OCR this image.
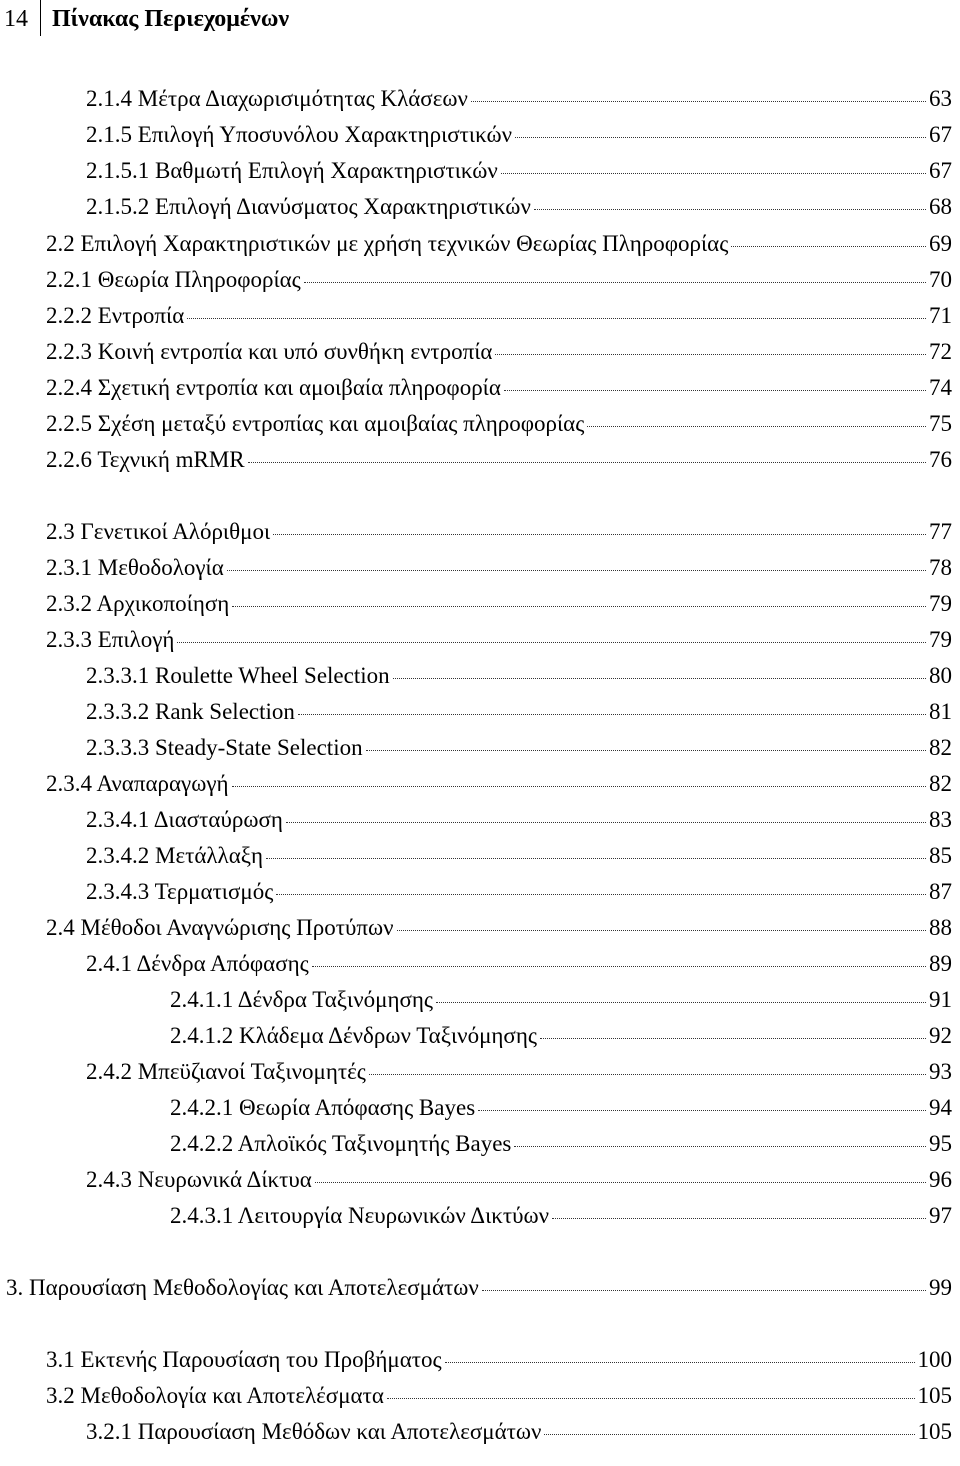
14 Πίνακας Περιεχομένων
2.1.4 Μέτρα Διαχωρισιμότητας Κλάσεων	63
2.1.5 Επιλογή Υποσυνόλου Χαρακτηριστικών	67
2.1.5.1 Βαθμωτή Επιλογή Χαρακτηριστικών	67
2.1.5.2 Επιλογή Διανύσματος Χαρακτηριστικών	68
2.2 Επιλογή Χαρακτηριστικών με χρήση τεχνικών Θεωρίας Πληροφορίας	69
2.2.1 Θεωρία Πληροφορίας	70
2.2.2 Εντροπία	71
2.2.3 Κοινή εντροπία και υπό συνθήκη εντροπία	72
2.2.4 Σχετική εντροπία και αμοιβαία πληροφορία	74
2.2.5 Σχέση μεταξύ εντροπίας και αμοιβαίας πληροφορίας	75
2.2.6 Τεχνική mRMR	76
2.3 Γενετικοί Αλόριθμοι	77
2.3.1 Μεθοδολογία	78
2.3.2 Αρχικοποίηση	79
2.3.3 Επιλογή	79
2.3.3.1 Roulette Wheel Selection	80
2.3.3.2 Rank Selection	81
2.3.3.3 Steady-State Selection	82
2.3.4 Αναπαραγωγή	82
2.3.4.1 Διασταύρωση	83
2.3.4.2 Μετάλλαξη	85
2.3.4.3 Τερματισμός	87
2.4 Μέθοδοι Αναγνώρισης Προτύπων	88
2.4.1 Δένδρα Απόφασης	89
2.4.1.1 Δένδρα Ταξινόμησης	91
2.4.1.2 Κλάδεμα Δένδρων Ταξινόμησης	92
2.4.2 Μπεϋζιανοί Ταξινομητές	93
2.4.2.1 Θεωρία Απόφασης Bayes	94
2.4.2.2 Απλοϊκός Ταξινομητής Bayes	95
2.4.3 Νευρωνικά Δίκτυα	96
2.4.3.1 Λειτουργία Νευρωνικών Δικτύων	97
3. Παρουσίαση Μεθοδολογίας και Αποτελεσμάτων	99
3.1 Εκτενής Παρουσίαση του Προβήματος	100
3.2 Μεθοδολογία και Αποτελέσματα	105
3.2.1 Παρουσίαση Μεθόδων και Αποτελεσμάτων	105
